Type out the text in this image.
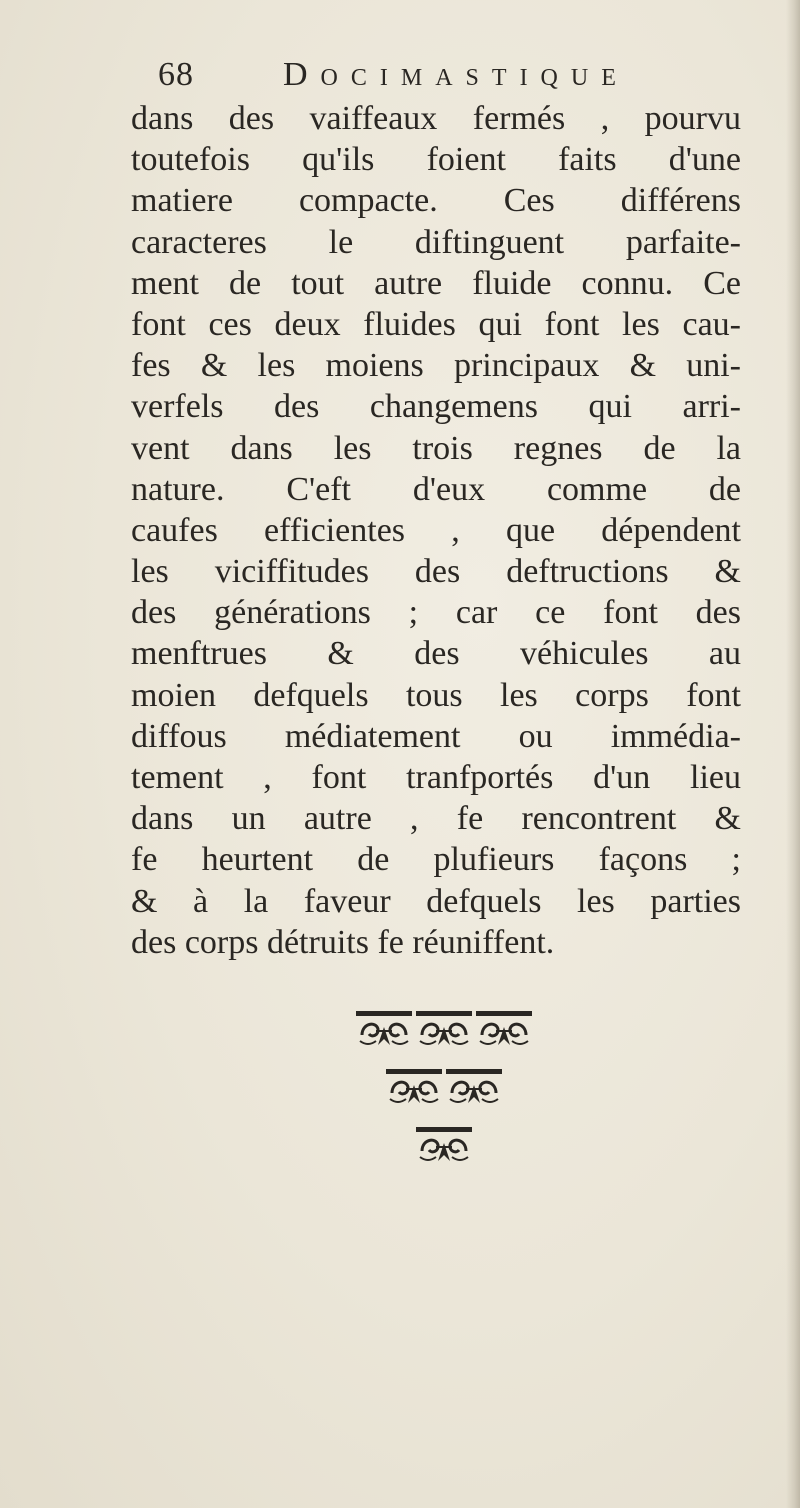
68	Docimastique
dans des vaiffeaux fermés , pourvu
toutefois qu'ils foient faits d'une
matiere compacte. Ces différens
caracteres le diftinguent parfaite-
ment de tout autre fluide connu. Ce
font ces deux fluides qui font les cau-
fes & les moiens principaux & uni-
verfels des changemens qui arri-
vent dans les trois regnes de la
nature. C'eft d'eux comme de
caufes efficientes , que dépendent
les viciffitudes des deftructions &
des générations ; car ce font des
menftrues & des véhicules au
moien defquels tous les corps font
diffous médiatement ou immédia-
tement , font tranfportés d'un lieu
dans un autre , fe rencontrent &
fe heurtent de plufieurs façons ;
& à la faveur defquels les parties
des corps détruits fe réuniffent.
